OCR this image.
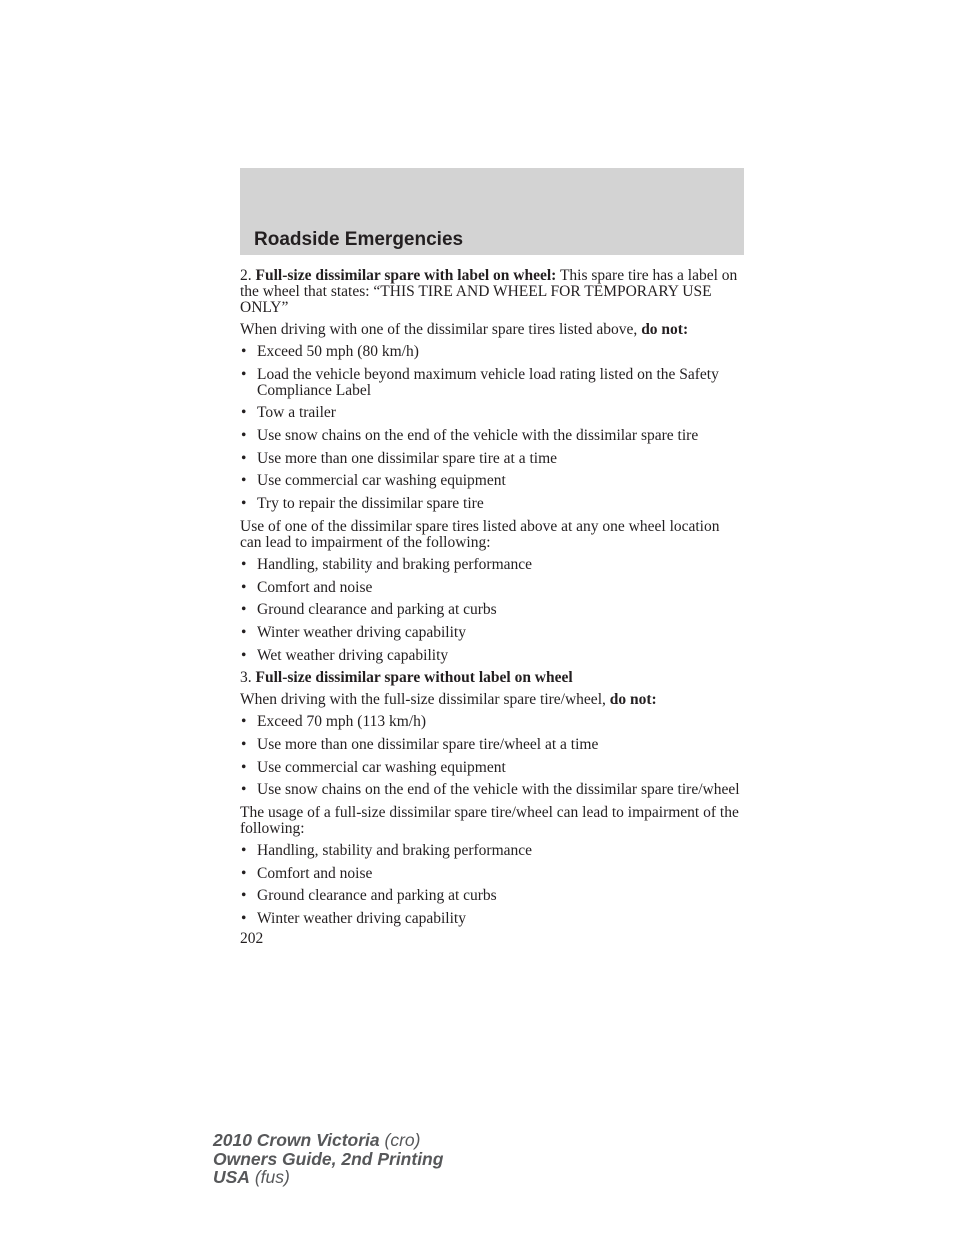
Roadside Emergencies

2. Full-size dissimilar spare with label on wheel: This spare tire has a label on the wheel that states: “THIS TIRE AND WHEEL FOR TEMPORARY USE ONLY”

When driving with one of the dissimilar spare tires listed above, do not:

• Exceed 50 mph (80 km/h)
• Load the vehicle beyond maximum vehicle load rating listed on the Safety Compliance Label
• Tow a trailer
• Use snow chains on the end of the vehicle with the dissimilar spare tire
• Use more than one dissimilar spare tire at a time
• Use commercial car washing equipment
• Try to repair the dissimilar spare tire

Use of one of the dissimilar spare tires listed above at any one wheel location can lead to impairment of the following:

• Handling, stability and braking performance
• Comfort and noise
• Ground clearance and parking at curbs
• Winter weather driving capability
• Wet weather driving capability

3. Full-size dissimilar spare without label on wheel

When driving with the full-size dissimilar spare tire/wheel, do not:

• Exceed 70 mph (113 km/h)
• Use more than one dissimilar spare tire/wheel at a time
• Use commercial car washing equipment
• Use snow chains on the end of the vehicle with the dissimilar spare tire/wheel

The usage of a full-size dissimilar spare tire/wheel can lead to impairment of the following:

• Handling, stability and braking performance
• Comfort and noise
• Ground clearance and parking at curbs
• Winter weather driving capability
202
2010 Crown Victoria (cro)
Owners Guide, 2nd Printing
USA (fus)
